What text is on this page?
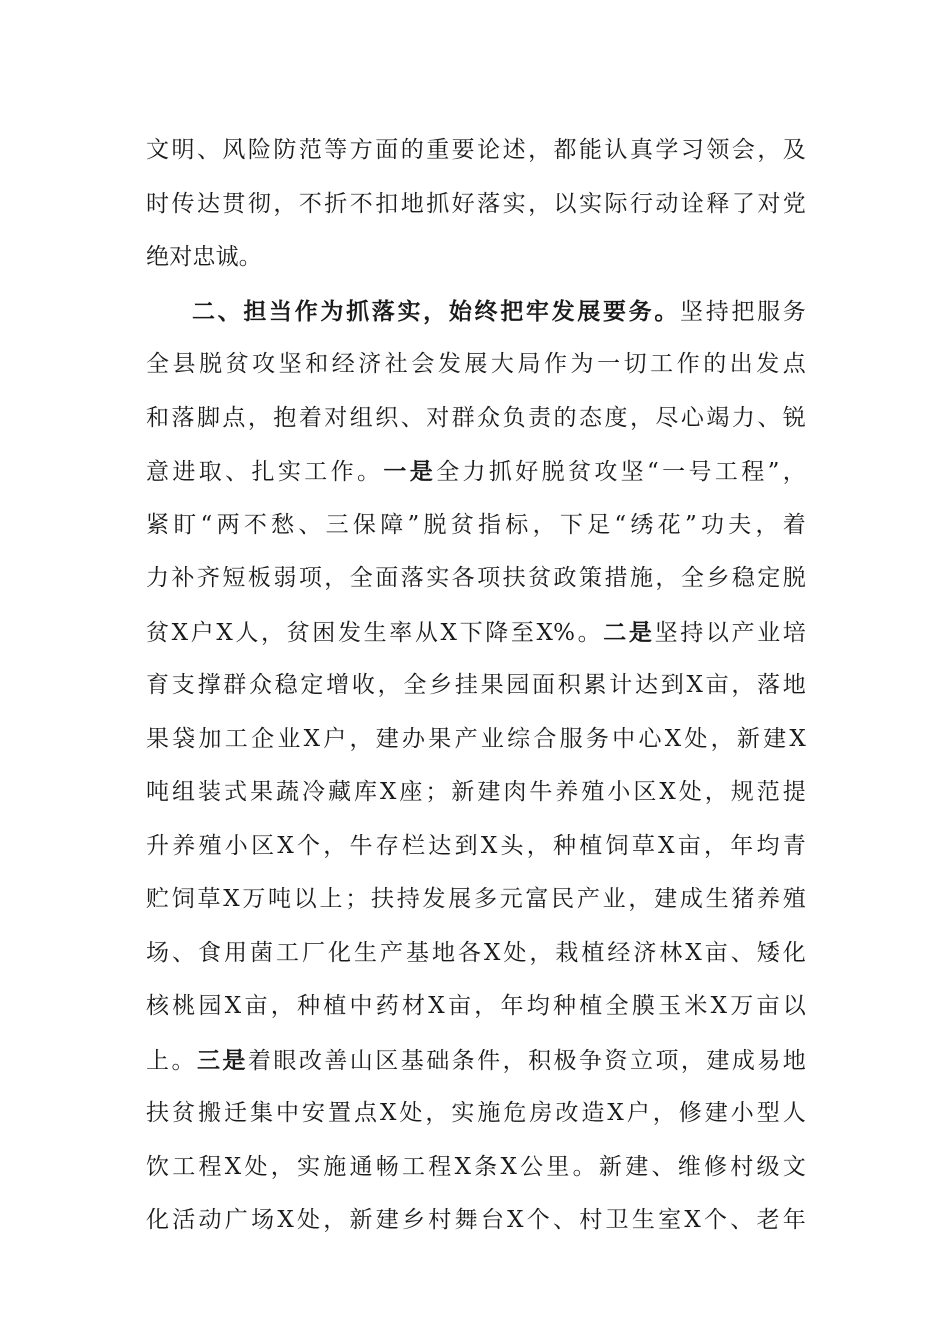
文明、风险防范等方面的重要论述，都能认真学习领会，及
时传达贯彻，不折不扣地抓好落实，以实际行动诠释了对党
绝对忠诚。
二、担当作为抓落实，始终把牢发展要务。坚持把服务
全县脱贫攻坚和经济社会发展大局作为一切工作的出发点
和落脚点，抱着对组织、对群众负责的态度，尽心竭力、锐
意进取、扎实工作。一是全力抓好脱贫攻坚“一号工程”，
紧盯“两不愁、三保障”脱贫指标，下足“绣花”功夫，着
力补齐短板弱项，全面落实各项扶贫政策措施，全乡稳定脱
贫X户X人，贫困发生率从X下降至X%。二是坚持以产业培
育支撑群众稳定增收，全乡挂果园面积累计达到X亩，落地
果袋加工企业X户，建办果产业综合服务中心X处，新建X
吨组装式果蔬冷藏库X座；新建肉牛养殖小区X处，规范提
升养殖小区X个，牛存栏达到X头，种植饲草X亩，年均青
贮饲草X万吨以上；扶持发展多元富民产业，建成生猪养殖
场、食用菌工厂化生产基地各X处，栽植经济林X亩、矮化
核桃园X亩，种植中药材X亩，年均种植全膜玉米X万亩以
上。三是着眼改善山区基础条件，积极争资立项，建成易地
扶贫搬迁集中安置点X处，实施危房改造X户，修建小型人
饮工程X处，实施通畅工程X条X公里。新建、维修村级文
化活动广场X处，新建乡村舞台X个、村卫生室X个、老年
